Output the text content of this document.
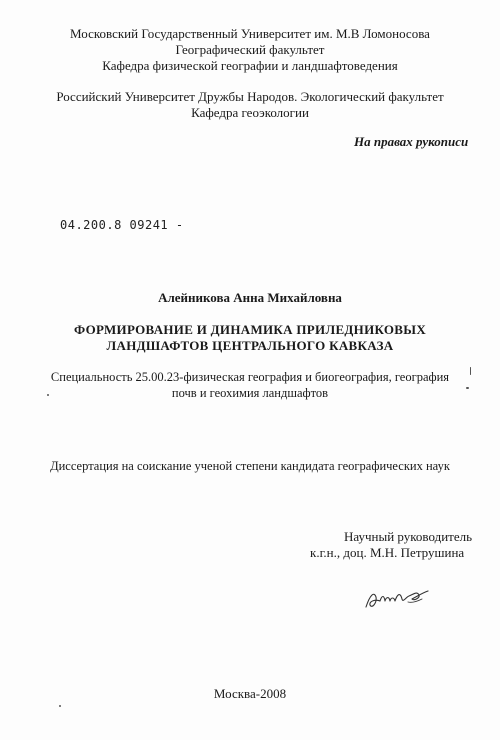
Московский Государственный Университет им. М.В Ломоносова
Географический факультет
Кафедра физической географии и ландшафтоведения
Российский Университет Дружбы Народов. Экологический факультет
Кафедра геоэкологии
На правах рукописи
04.200.8 09241 -
Алейникова Анна Михайловна
ФОРМИРОВАНИЕ И ДИНАМИКА ПРИЛЕДНИКОВЫХ
ЛАНДШАФТОВ ЦЕНТРАЛЬНОГО КАВКАЗА
Специальность 25.00.23-физическая география и биогеография, география
почв и геохимия ландшафтов
Диссертация на соискание ученой степени кандидата географических наук
Научный руководитель
к.г.н., доц. М.Н. Петрушина
Москва-2008
